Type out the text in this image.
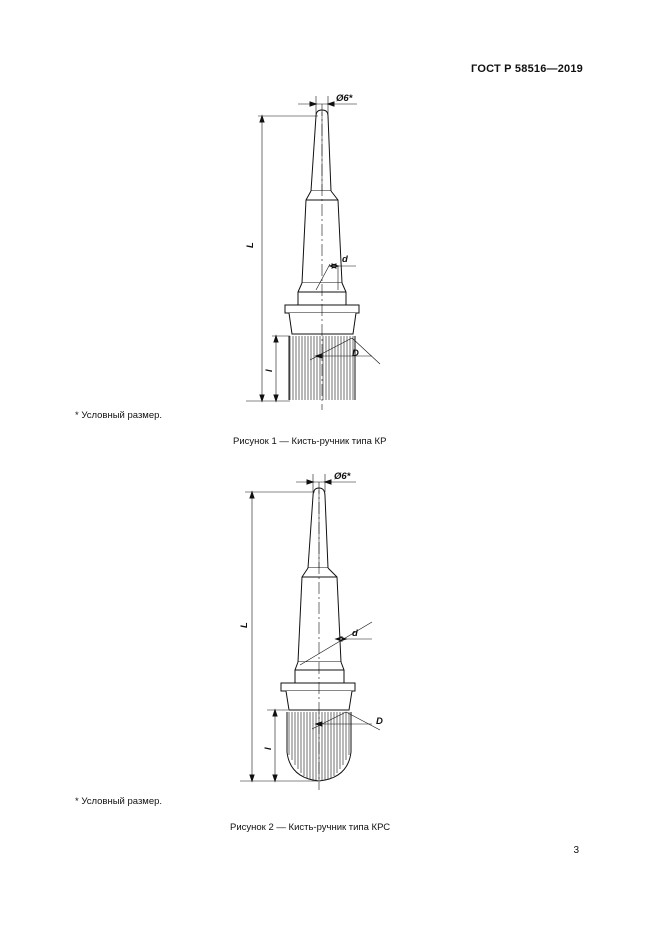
ГОСТ Р 58516—2019
Ø6*
L
l
d
D
* Условный размер.
Рисунок 1 — Кисть-ручник типа КР
Ø6*
L
l
d
D
* Условный размер.
Рисунок 2 — Кисть-ручник типа КРС
3
